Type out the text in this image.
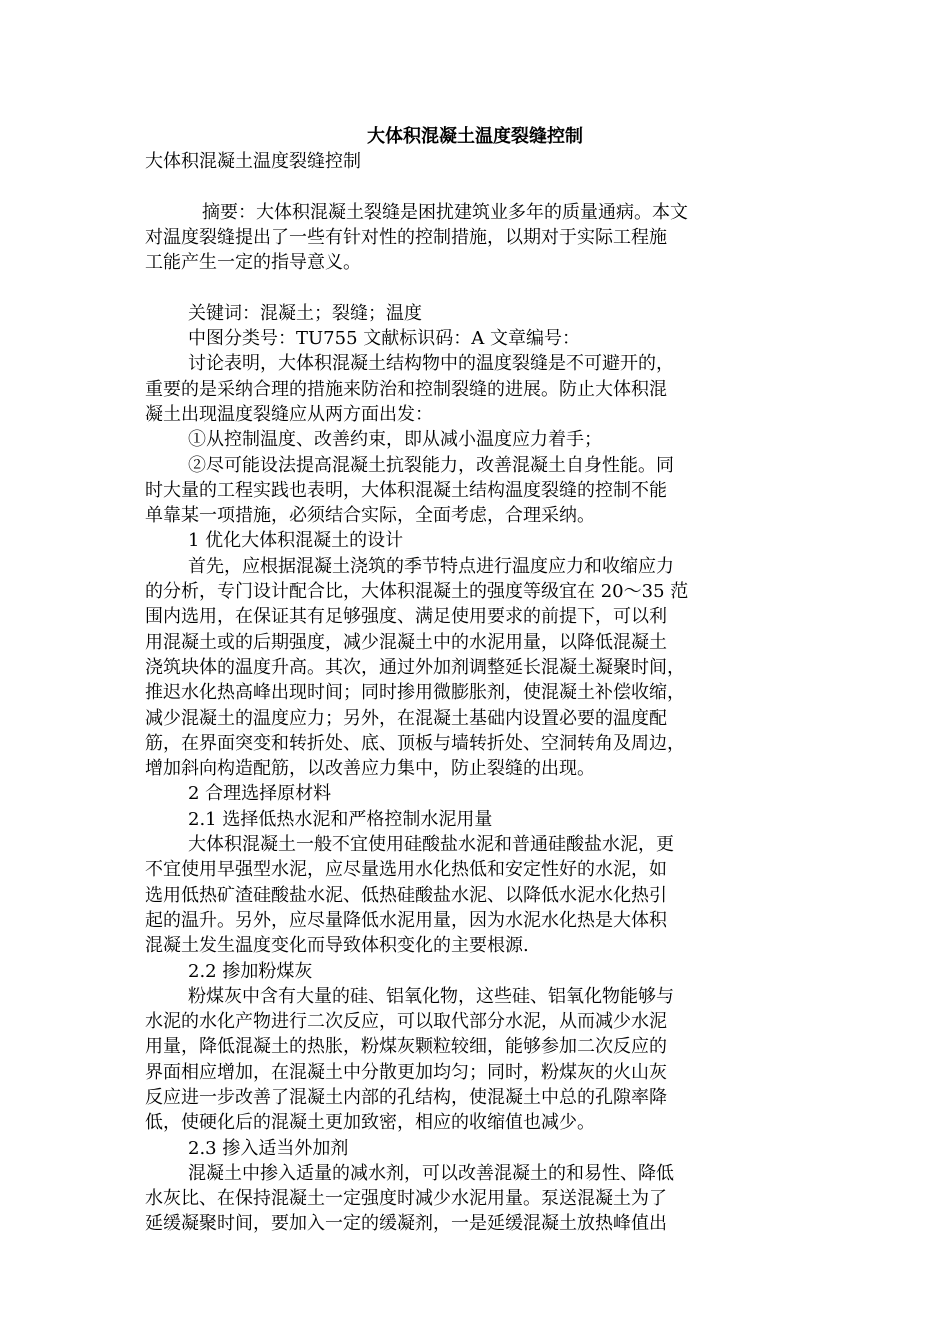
大体积混凝土温度裂缝控制

大体积混凝土温度裂缝控制

摘要：大体积混凝土裂缝是困扰建筑业多年的质量通病。本文

对温度裂缝提出了一些有针对性的控制措施，以期对于实际工程施

工能产生一定的指导意义。

关键词：混凝土；裂缝；温度

中图分类号：TU755 文献标识码：A 文章编号：

讨论表明，大体积混凝土结构物中的温度裂缝是不可避开的，

重要的是采纳合理的措施来防治和控制裂缝的进展。防止大体积混

凝土出现温度裂缝应从两方面出发：

①从控制温度、改善约束，即从减小温度应力着手；

②尽可能设法提高混凝土抗裂能力，改善混凝土自身性能。同

时大量的工程实践也表明，大体积混凝土结构温度裂缝的控制不能

单靠某一项措施，必须结合实际，全面考虑，合理采纳。

1 优化大体积混凝土的设计

首先，应根据混凝土浇筑的季节特点进行温度应力和收缩应力

的分析，专门设计配合比，大体积混凝土的强度等级宜在 20～35 范

围内选用，在保证其有足够强度、满足使用要求的前提下，可以利

用混凝土或的后期强度，减少混凝土中的水泥用量，以降低混凝土

浇筑块体的温度升高。其次，通过外加剂调整延长混凝土凝聚时间，

推迟水化热高峰出现时间；同时掺用微膨胀剂，使混凝土补偿收缩，

减少混凝土的温度应力；另外，在混凝土基础内设置必要的温度配

筋，在界面突变和转折处、底、顶板与墙转折处、空洞转角及周边，

增加斜向构造配筋，以改善应力集中，防止裂缝的出现。

2 合理选择原材料

2.1 选择低热水泥和严格控制水泥用量

大体积混凝土一般不宜使用硅酸盐水泥和普通硅酸盐水泥，更

不宜使用早强型水泥，应尽量选用水化热低和安定性好的水泥，如

选用低热矿渣硅酸盐水泥、低热硅酸盐水泥、以降低水泥水化热引

起的温升。另外，应尽量降低水泥用量，因为水泥水化热是大体积

混凝土发生温度变化而导致体积变化的主要根源.

2.2 掺加粉煤灰

粉煤灰中含有大量的硅、铝氧化物，这些硅、铝氧化物能够与

水泥的水化产物进行二次反应，可以取代部分水泥，从而减少水泥

用量，降低混凝土的热胀，粉煤灰颗粒较细，能够参加二次反应的

界面相应增加，在混凝土中分散更加均匀；同时，粉煤灰的火山灰

反应进一步改善了混凝土内部的孔结构，使混凝土中总的孔隙率降

低，使硬化后的混凝土更加致密，相应的收缩值也减少。

2.3 掺入适当外加剂

混凝土中掺入适量的减水剂，可以改善混凝土的和易性、降低

水灰比、在保持混凝土一定强度时减少水泥用量。泵送混凝土为了

延缓凝聚时间，要加入一定的缓凝剂，一是延缓混凝土放热峰值出
